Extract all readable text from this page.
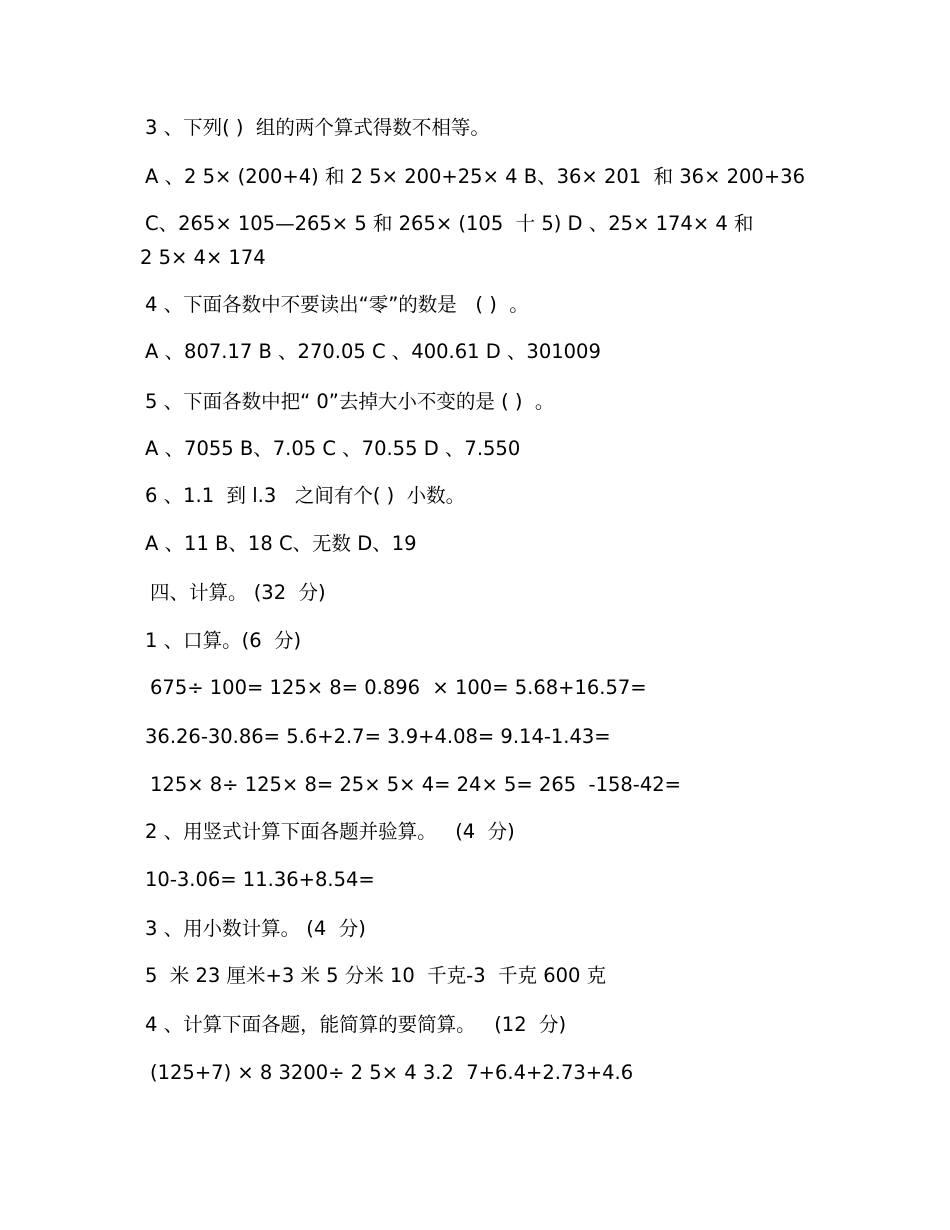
3 、下列( )  组的两个算式得数不相等。
A 、2 5× (200+4) 和 2 5× 200+25× 4 B、36× 201  和 36× 200+36
C、265× 105—265× 5 和 265× (105  十 5) D 、25× 174× 4 和
2 5× 4× 174
4 、下面各数中不要读出“零”的数是   ( )  。
A 、807.17 B 、270.05 C 、400.61 D 、301009
5 、下面各数中把“ 0”去掉大小不变的是 ( )  。
A 、7055 B、7.05 C 、70.55 D 、7.550
6 、1.1  到 l.3   之间有个( )  小数。
A 、11 B、18 C、无数 D、19
四、计算。 (32  分)
1 、口算。(6  分)
675÷ 100= 125× 8= 0.896  × 100= 5.68+16.57=
36.26-30.86= 5.6+2.7= 3.9+4.08= 9.14-1.43=
125× 8÷ 125× 8= 25× 5× 4= 24× 5= 265  -158-42=
2 、用竖式计算下面各题并验算。   (4  分)
10-3.06= 11.36+8.54=
3 、用小数计算。 (4  分)
5  米 23 厘米+3 米 5 分米 10  千克-3  千克 600 克
4 、计算下面各题，能简算的要简算。   (12  分)
(125+7) × 8 3200÷ 2 5× 4 3.2  7+6.4+2.73+4.6
